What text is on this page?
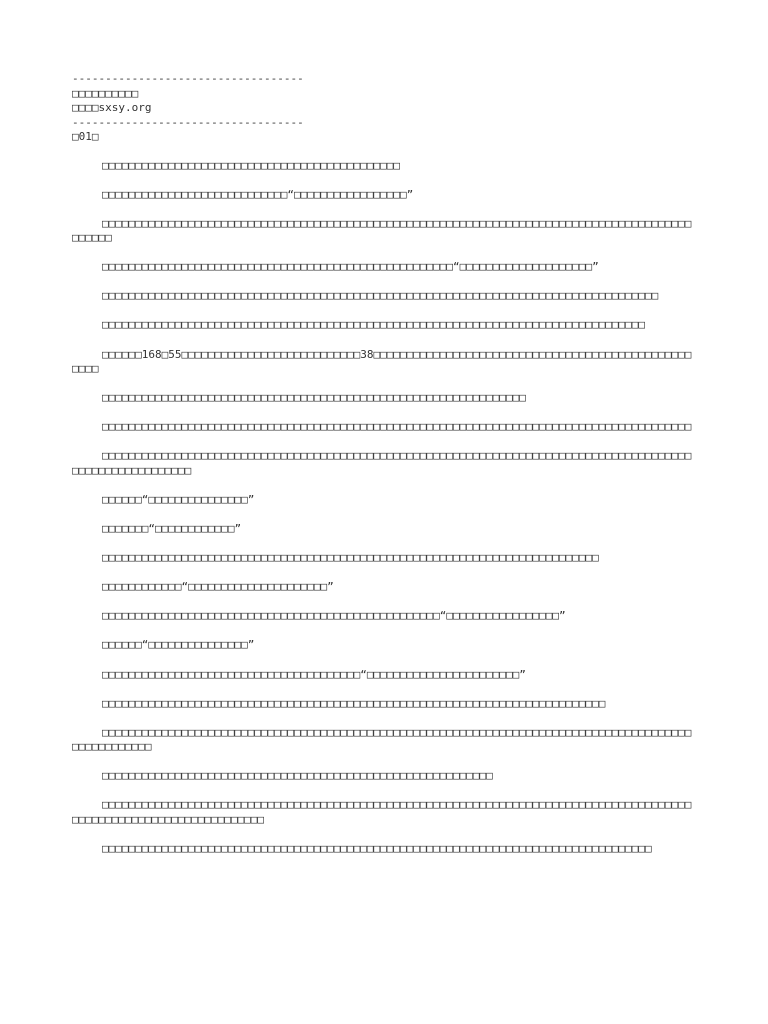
-----------------------------------
□□□□□□□□□□
□□□□sxsy.org
-----------------------------------
□01□

□□□□□□□□□□□□□□□□□□□□□□□□□□□□□□□□□□□□□□□□□□□□□

□□□□□□□□□□□□□□□□□□□□□□□□□□□□“□□□□□□□□□□□□□□□□□”

□□□□□□□□□□□□□□□□□□□□□□□□□□□□□□□□□□□□□□□□□□□□□□□□□□□□□□□□□□□□□□□□□□□□□□□□□□□□□□□□□□□□□□□□□□□□□□□

□□□□□□□□□□□□□□□□□□□□□□□□□□□□□□□□□□□□□□□□□□□□□□□□□□□□□“□□□□□□□□□□□□□□□□□□□□”

□□□□□□□□□□□□□□□□□□□□□□□□□□□□□□□□□□□□□□□□□□□□□□□□□□□□□□□□□□□□□□□□□□□□□□□□□□□□□□□□□□□□

□□□□□□□□□□□□□□□□□□□□□□□□□□□□□□□□□□□□□□□□□□□□□□□□□□□□□□□□□□□□□□□□□□□□□□□□□□□□□□□□□□

□□□□□□168□55□□□□□□□□□□□□□□□□□□□□□□□□□□□38□□□□□□□□□□□□□□□□□□□□□□□□□□□□□□□□□□□□□□□□□□□□□□□□□□□□

□□□□□□□□□□□□□□□□□□□□□□□□□□□□□□□□□□□□□□□□□□□□□□□□□□□□□□□□□□□□□□□□

□□□□□□□□□□□□□□□□□□□□□□□□□□□□□□□□□□□□□□□□□□□□□□□□□□□□□□□□□□□□□□□□□□□□□□□□□□□□□□□□□□□□□□□□□

□□□□□□□□□□□□□□□□□□□□□□□□□□□□□□□□□□□□□□□□□□□□□□□□□□□□□□□□□□□□□□□□□□□□□□□□□□□□□□□□□□□□□□□□□□□□□□□□□□□□□□□□□□□

□□□□□□“□□□□□□□□□□□□□□□”

□□□□□□□“□□□□□□□□□□□□”

□□□□□□□□□□□□□□□□□□□□□□□□□□□□□□□□□□□□□□□□□□□□□□□□□□□□□□□□□□□□□□□□□□□□□□□□□□□

□□□□□□□□□□□□“□□□□□□□□□□□□□□□□□□□□□”

□□□□□□□□□□□□□□□□□□□□□□□□□□□□□□□□□□□□□□□□□□□□□□□□□□□“□□□□□□□□□□□□□□□□□”

□□□□□□“□□□□□□□□□□□□□□□”

□□□□□□□□□□□□□□□□□□□□□□□□□□□□□□□□□□□□□□□“□□□□□□□□□□□□□□□□□□□□□□□”

□□□□□□□□□□□□□□□□□□□□□□□□□□□□□□□□□□□□□□□□□□□□□□□□□□□□□□□□□□□□□□□□□□□□□□□□□□□□

□□□□□□□□□□□□□□□□□□□□□□□□□□□□□□□□□□□□□□□□□□□□□□□□□□□□□□□□□□□□□□□□□□□□□□□□□□□□□□□□□□□□□□□□□□□□□□□□□□□□□

□□□□□□□□□□□□□□□□□□□□□□□□□□□□□□□□□□□□□□□□□□□□□□□□□□□□□□□□□□□

□□□□□□□□□□□□□□□□□□□□□□□□□□□□□□□□□□□□□□□□□□□□□□□□□□□□□□□□□□□□□□□□□□□□□□□□□□□□□□□□□□□□□□□□□□□□□□□□□□□□□□□□□□□□□□□□□□□□□□

□□□□□□□□□□□□□□□□□□□□□□□□□□□□□□□□□□□□□□□□□□□□□□□□□□□□□□□□□□□□□□□□□□□□□□□□□□□□□□□□□□□
